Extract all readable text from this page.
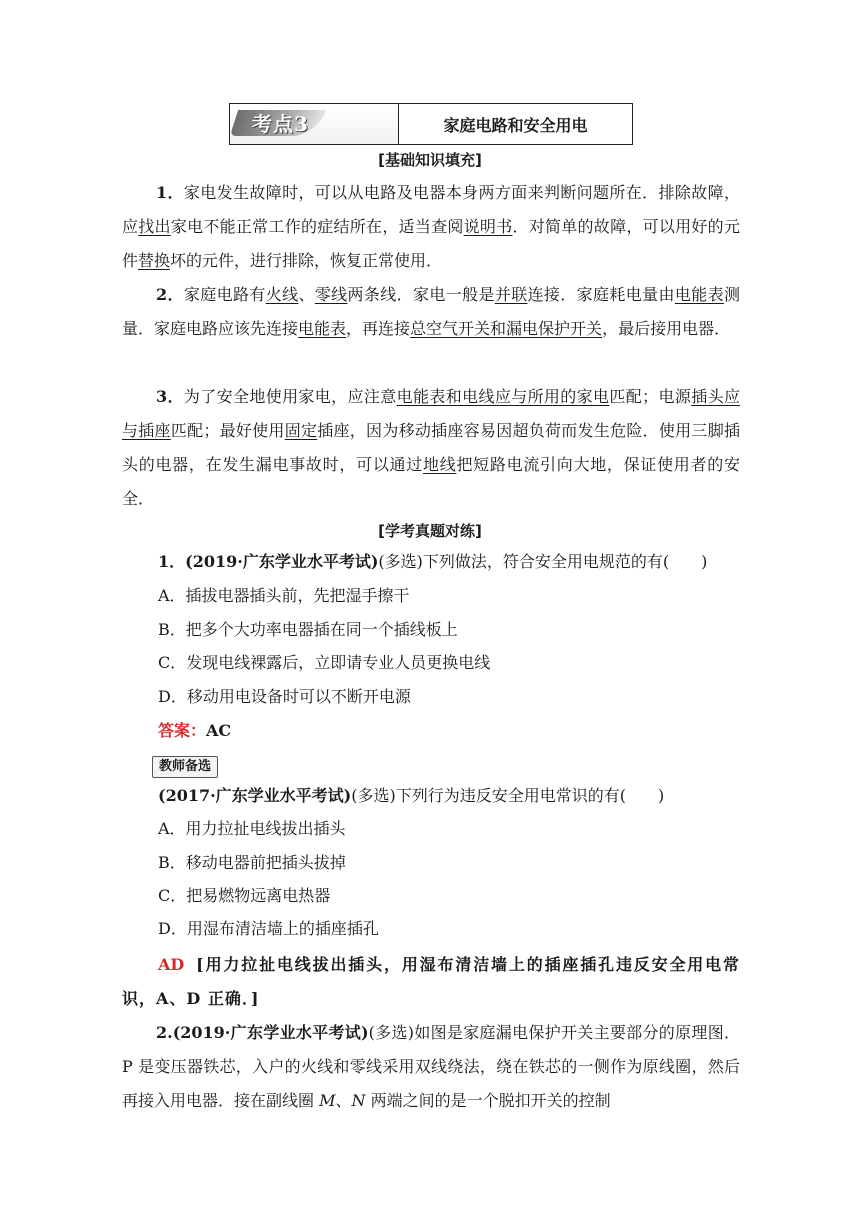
考点3	家庭电路和安全用电
[基础知识填充]
1．家电发生故障时，可以从电路及电器本身两方面来判断问题所在．排除故障，应找出家电不能正常工作的症结所在，适当查阅说明书．对简单的故障，可以用好的元件替换坏的元件，进行排除，恢复正常使用．
2．家庭电路有火线、零线两条线．家电一般是并联连接．家庭耗电量由电能表测量．家庭电路应该先连接电能表，再连接总空气开关和漏电保护开关，最后接用电器．
3．为了安全地使用家电，应注意电能表和电线应与所用的家电匹配；电源插头应与插座匹配；最好使用固定插座，因为移动插座容易因超负荷而发生危险．使用三脚插头的电器，在发生漏电事故时，可以通过地线把短路电流引向大地，保证使用者的安全．
[学考真题对练]
1．(2019·广东学业水平考试)(多选)下列做法，符合安全用电规范的有(　　)
A．插拔电器插头前，先把湿手擦干
B．把多个大功率电器插在同一个插线板上
C．发现电线裸露后，立即请专业人员更换电线
D．移动用电设备时可以不断开电源
答案：AC
教师备选
(2017·广东学业水平考试)(多选)下列行为违反安全用电常识的有(　　)
A．用力拉扯电线拔出插头
B．移动电器前把插头拔掉
C．把易燃物远离电热器
D．用湿布清洁墙上的插座插孔
AD [用力拉扯电线拔出插头，用湿布清洁墙上的插座插孔违反安全用电常识，A、D 正确．]
2.(2019·广东学业水平考试)(多选)如图是家庭漏电保护开关主要部分的原理图．P 是变压器铁芯，入户的火线和零线采用双线绕法，绕在铁芯的一侧作为原线圈，然后再接入用电器．接在副线圈 M、N 两端之间的是一个脱扣开关的控制
